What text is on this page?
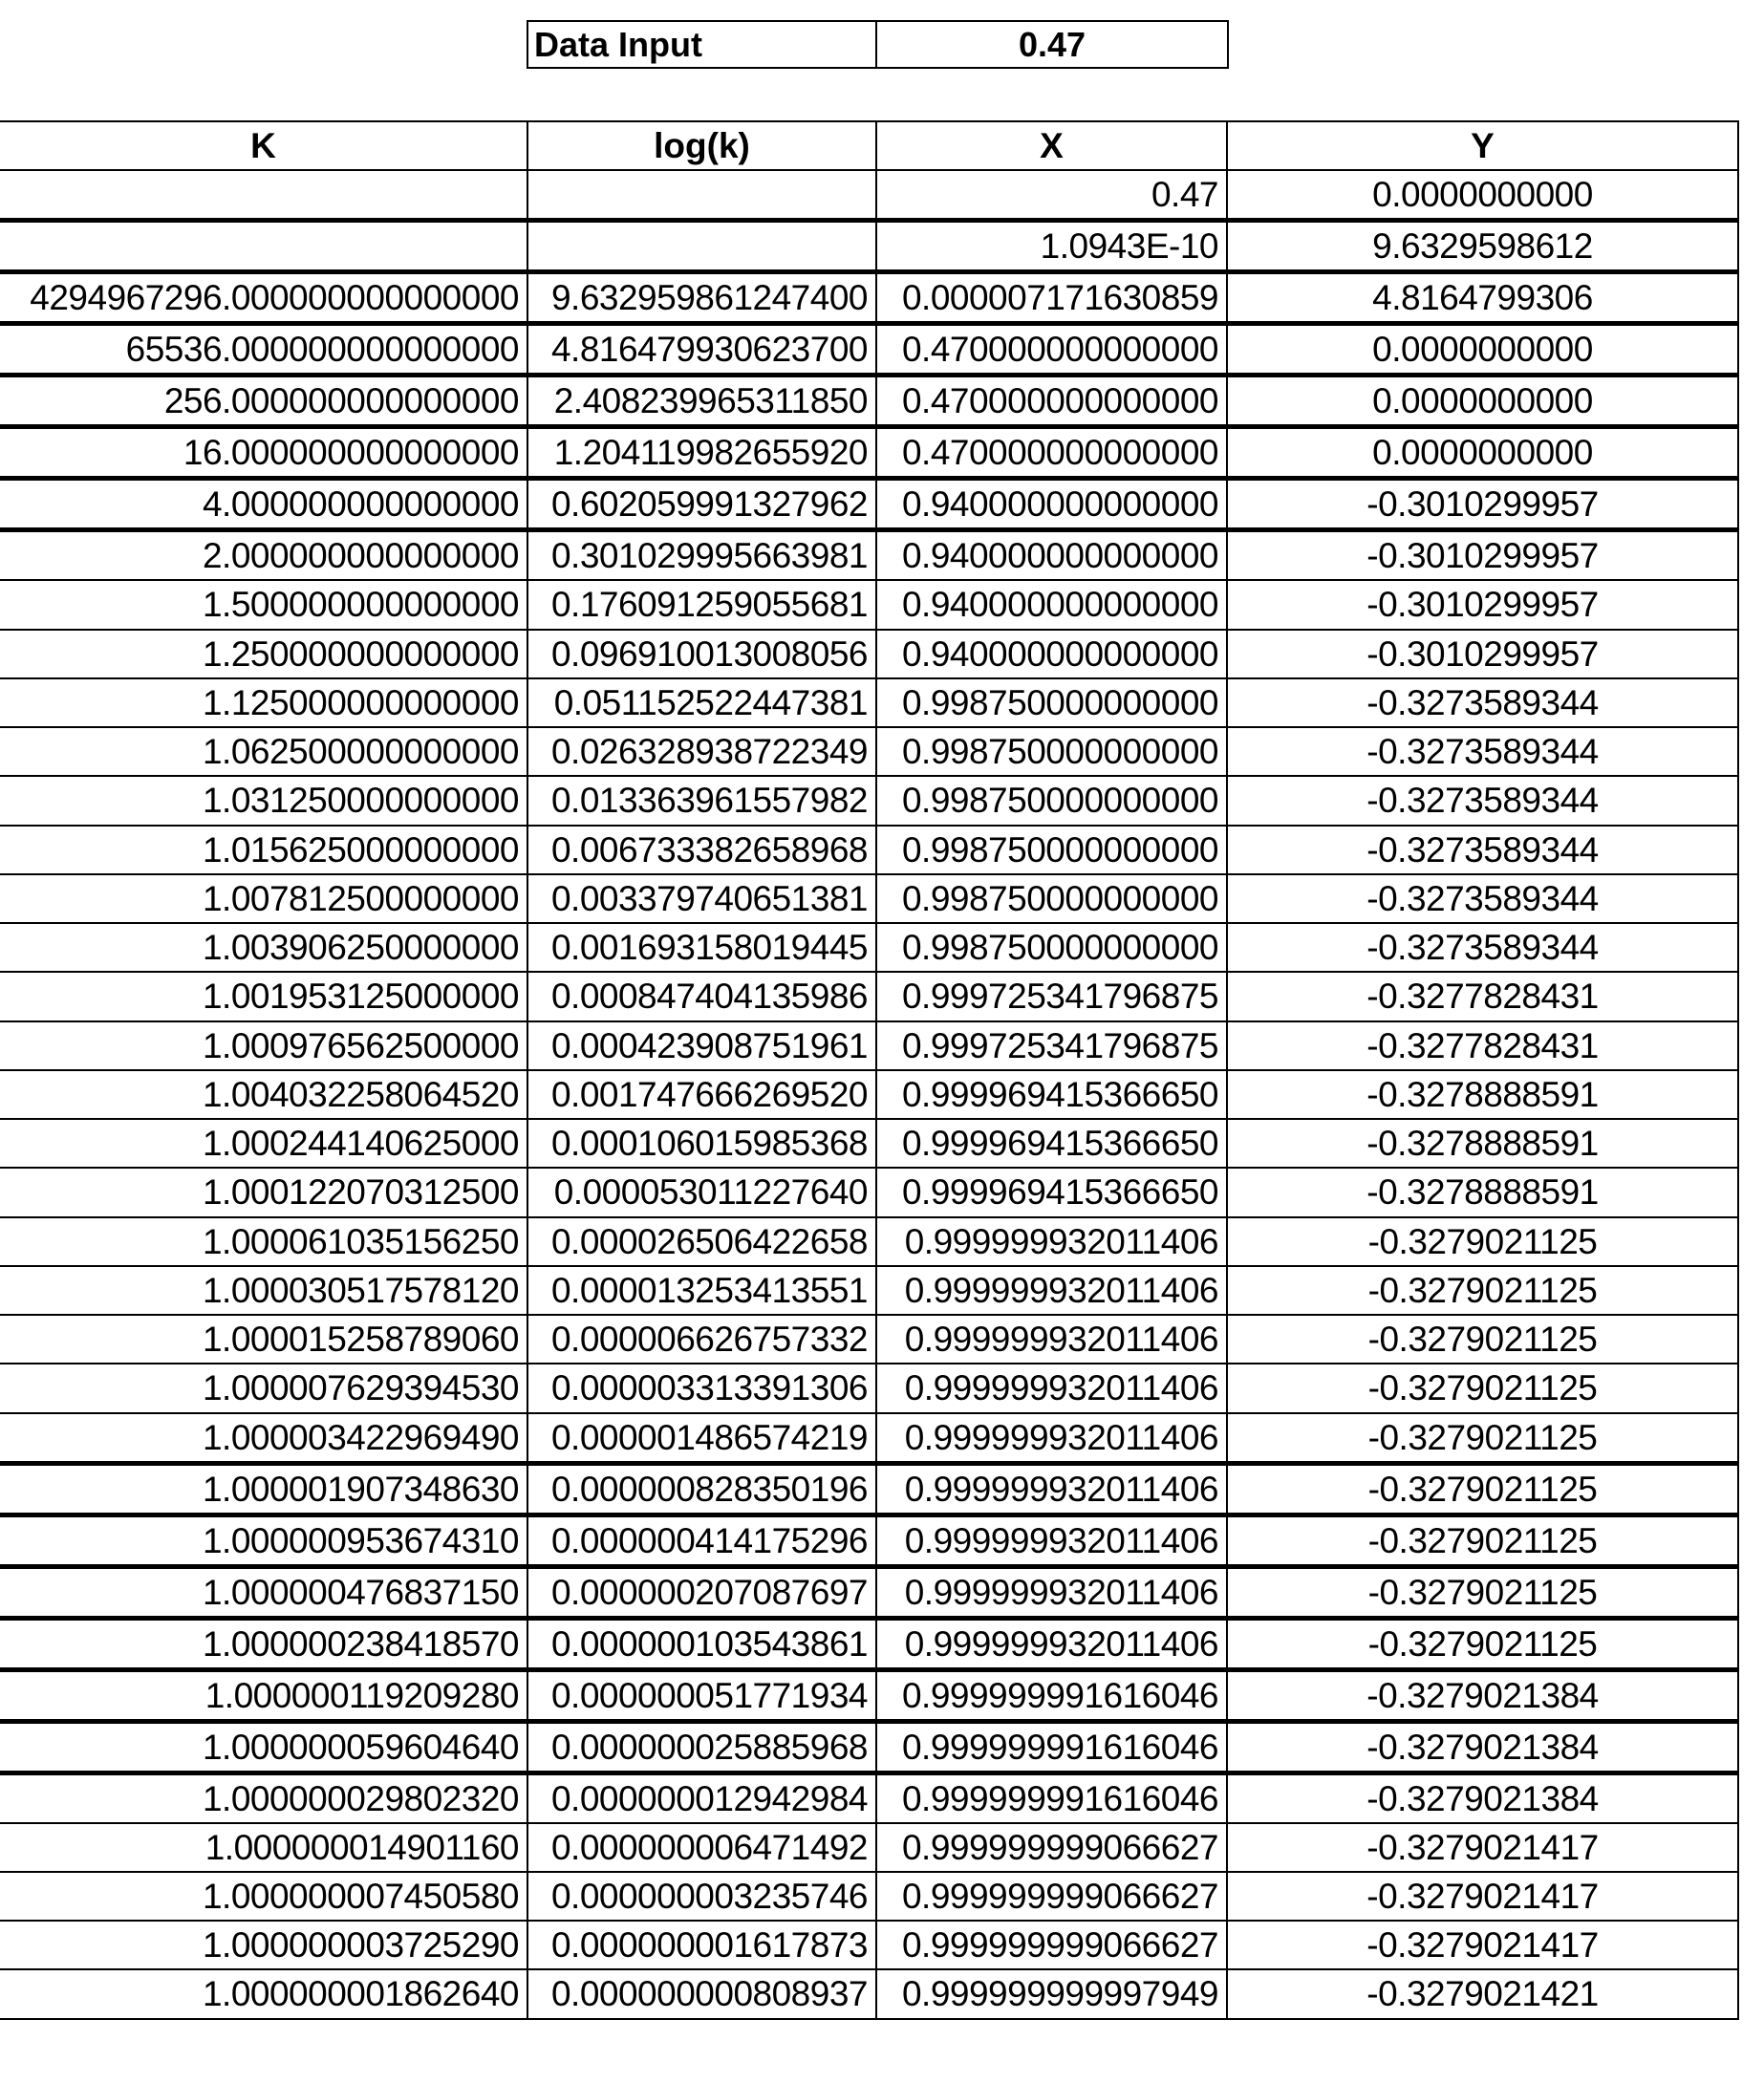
Data Input	0.47
K	log(k)	X	Y
		0.47	0.0000000000
		1.0943E-10	9.6329598612
4294967296.000000000000000	9.632959861247400	0.000007171630859	4.8164799306
65536.000000000000000	4.816479930623700	0.470000000000000	0.0000000000
256.000000000000000	2.408239965311850	0.470000000000000	0.0000000000
16.000000000000000	1.204119982655920	0.470000000000000	0.0000000000
4.000000000000000	0.602059991327962	0.940000000000000	-0.3010299957
2.000000000000000	0.301029995663981	0.940000000000000	-0.3010299957
1.500000000000000	0.176091259055681	0.940000000000000	-0.3010299957
1.250000000000000	0.096910013008056	0.940000000000000	-0.3010299957
1.125000000000000	0.051152522447381	0.998750000000000	-0.3273589344
1.062500000000000	0.026328938722349	0.998750000000000	-0.3273589344
1.031250000000000	0.013363961557982	0.998750000000000	-0.3273589344
1.015625000000000	0.006733382658968	0.998750000000000	-0.3273589344
1.007812500000000	0.003379740651381	0.998750000000000	-0.3273589344
1.003906250000000	0.001693158019445	0.998750000000000	-0.3273589344
1.001953125000000	0.000847404135986	0.999725341796875	-0.3277828431
1.000976562500000	0.000423908751961	0.999725341796875	-0.3277828431
1.004032258064520	0.001747666269520	0.999969415366650	-0.3278888591
1.000244140625000	0.000106015985368	0.999969415366650	-0.3278888591
1.000122070312500	0.000053011227640	0.999969415366650	-0.3278888591
1.000061035156250	0.000026506422658	0.999999932011406	-0.3279021125
1.000030517578120	0.000013253413551	0.999999932011406	-0.3279021125
1.000015258789060	0.000006626757332	0.999999932011406	-0.3279021125
1.000007629394530	0.000003313391306	0.999999932011406	-0.3279021125
1.000003422969490	0.000001486574219	0.999999932011406	-0.3279021125
1.000001907348630	0.000000828350196	0.999999932011406	-0.3279021125
1.000000953674310	0.000000414175296	0.999999932011406	-0.3279021125
1.000000476837150	0.000000207087697	0.999999932011406	-0.3279021125
1.000000238418570	0.000000103543861	0.999999932011406	-0.3279021125
1.000000119209280	0.000000051771934	0.999999991616046	-0.3279021384
1.000000059604640	0.000000025885968	0.999999991616046	-0.3279021384
1.000000029802320	0.000000012942984	0.999999991616046	-0.3279021384
1.000000014901160	0.000000006471492	0.999999999066627	-0.3279021417
1.000000007450580	0.000000003235746	0.999999999066627	-0.3279021417
1.000000003725290	0.000000001617873	0.999999999066627	-0.3279021417
1.000000001862640	0.000000000808937	0.999999999997949	-0.3279021421
